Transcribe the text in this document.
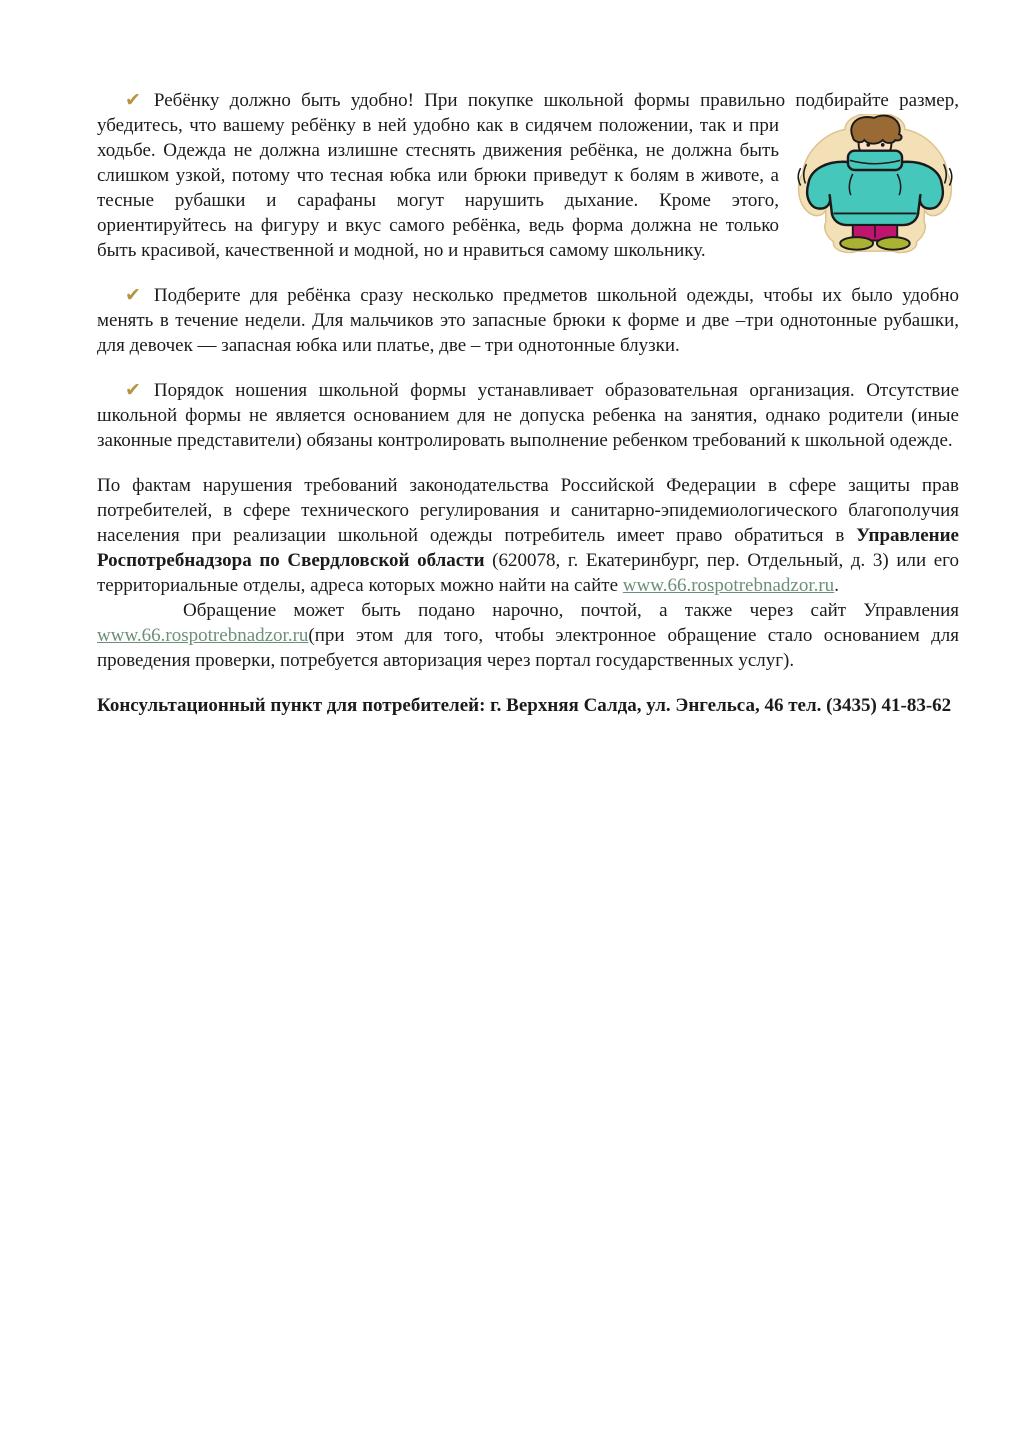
✔ Ребёнку должно быть удобно! При покупке школьной формы правильно подбирайте размер, убедитесь, что вашему ребёнку в ней удобно как в сидячем положении, так и при ходьбе. Одежда не должна излишне стеснять движения ребёнка, не должна быть слишком узкой, потому что тесная юбка или брюки приведут к болям в животе, а тесные рубашки и сарафаны могут нарушить дыхание. Кроме этого, ориентируйтесь на фигуру и вкус самого ребёнка, ведь форма должна не только быть красивой, качественной и модной, но и нравиться самому школьнику.

✔ Подберите для ребёнка сразу несколько предметов школьной одежды, чтобы их было удобно менять в течение недели. Для мальчиков это запасные брюки к форме и две –три однотонные рубашки, для девочек — запасная юбка или платье, две – три однотонные блузки.

✔ Порядок ношения школьной формы устанавливает образовательная организация. Отсутствие школьной формы не является основанием для не допуска ребенка на занятия, однако родители (иные законные представители) обязаны контролировать выполнение ребенком требований к школьной одежде.

По фактам нарушения требований законодательства Российской Федерации в сфере защиты прав потребителей, в сфере технического регулирования и санитарно-эпидемиологического благополучия населения при реализации школьной одежды потребитель имеет право обратиться в Управление Роспотребнадзора по Свердловской области (620078, г. Екатеринбург, пер. Отдельный, д. 3) или его территориальные отделы, адреса которых можно найти на сайте www.66.rospotrebnadzor.ru.

Обращение может быть подано нарочно, почтой, а также через сайт Управления www.66.rospotrebnadzor.ru(при этом для того, чтобы электронное обращение стало основанием для проведения проверки, потребуется авторизация через портал государственных услуг).

Консультационный пункт для потребителей: г. Верхняя Салда, ул. Энгельса, 46 тел. (3435) 41-83-62
